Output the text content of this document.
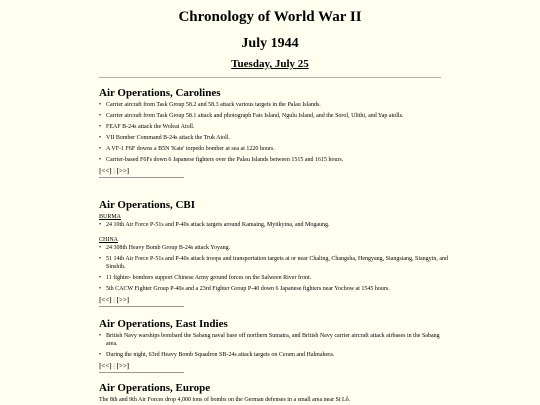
Chronology of World War II
July 1944
Tuesday, July 25
Air Operations, Carolines
• Carrier aircraft from Task Group 58.2 and 58.3 attack various targets in the Palau Islands.
• Carrier aircraft from Task Group 58.1 attack and photograph Fais Island, Ngulu Island, and the Sorol, Ulithi, and Yap atolls.
• FEAF B-24s attack the Woleai Atoll.
• VII Bomber Command B-24s attack the Truk Atoll.
• A VF-1 F6F downs a B5N 'Kate' torpedo bomber at sea at 1220 hours.
• Carrier-based F6Fs down 6 Japanese fighters over the Palau Islands between 1515 and 1615 hours.
[<<] | [>>]
Air Operations, CBI
BURMA
• 24 10th Air Force P-51s and P-40s attack targets around Kamaing, Myitkyina, and Mogaung.
CHINA
• 24 308th Heavy Bomb Group B-24s attack Yoyang.
• 51 14th Air Force P-51s and P-40s attack troops and transportation targets at or near Chaling, Changsha, Hengyang, Siangsiang, Siangyin, and Sinshih.
• 11 fighter- bombers support Chinese Army ground forces on the Salween River front.
• 5th CACW Fighter Group P-40s and a 23rd Fighter Group P-40 down 6 Japanese fighters near Yochow at 1545 hours.
[<<] | [>>]
Air Operations, East Indies
• British Navy warships bombard the Sabang naval base off northern Sumatra, and British Navy carrier aircraft attack airbases in the Sabang area.
• During the night, 63rd Heavy Bomb Squadron SB-24s attack targets on Ceram and Halmahera.
[<<] | [>>]
Air Operations, Europe
The 8th and 9th Air Forces drop 4,000 tons of bombs on the German defenses in a small area near St Lô.
